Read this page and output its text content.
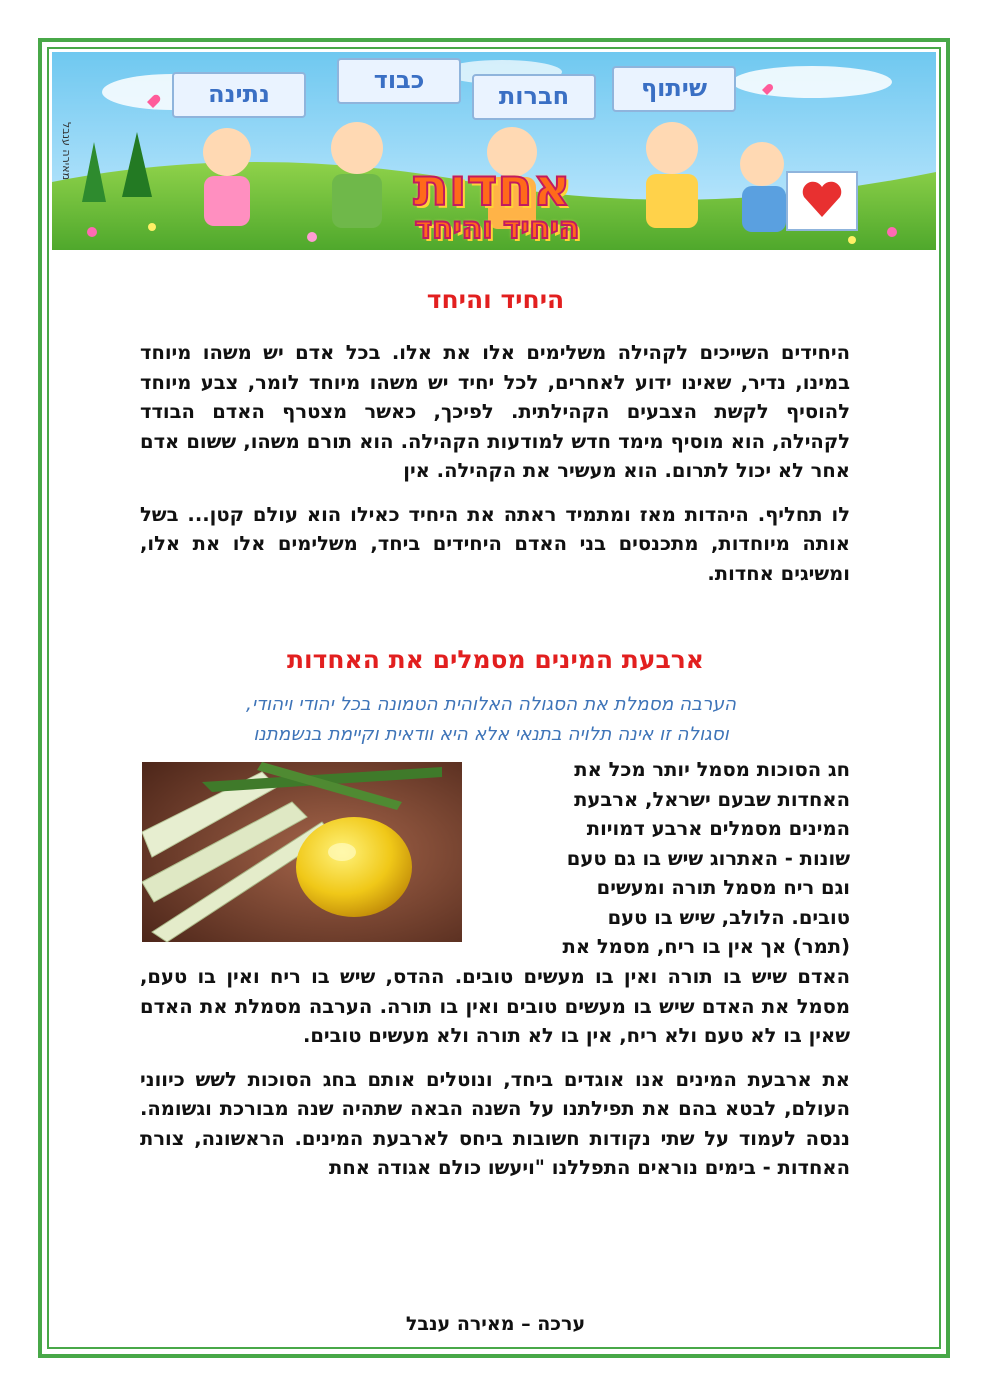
שיתוף
חברות
כבוד
נתינה
אחדות
היחיד והיחד
מאירה ענבל
היחיד והיחד

היחידים השייכים לקהילה משלימים אלו את אלו. בכל אדם יש משהו מיוחד במינו, נדיר, שאינו ידוע לאחרים, לכל יחיד יש משהו מיוחד לומר, צבע מיוחד להוסיף לקשת הצבעים הקהילתית. לפיכך, כאשר מצטרף האדם הבודד לקהילה, הוא מוסיף מימד חדש למודעות הקהילה. הוא תורם משהו, ששום אדם אחר לא יכול לתרום. הוא מעשיר את הקהילה. אין

לו תחליף. היהדות מאז ומתמיד ראתה את היחיד כאילו הוא עולם קטן... בשל אותה מיוחדות, מתכנסים בני האדם היחידים ביחד, משלימים אלו את אלו, ומשיגים אחדות.

ארבעת המינים מסמלים את האחדות
הערבה מסמלת את הסגולה האלוהית הטמונה בכל יהודי ויהודי,
וסגולה זו אינה תלויה בתנאי אלא היא וודאית וקיימת בנשמתנו
חג הסוכות מסמל יותר מכל את
האחדות שבעם ישראל, ארבעת
המינים מסמלים ארבע דמויות
שונות - האתרוג שיש בו גם טעם
וגם ריח מסמל תורה ומעשים
טובים. הלולב, שיש בו טעם
(תמר) אך אין בו ריח, מסמל את

האדם שיש בו תורה ואין בו מעשים טובים. ההדס, שיש בו ריח ואין בו טעם, מסמל את האדם שיש בו מעשים טובים ואין בו תורה. הערבה מסמלת את האדם שאין בו לא טעם ולא ריח, אין בו לא תורה ולא מעשים טובים.

את ארבעת המינים אנו אוגדים ביחד, ונוטלים אותם בחג הסוכות לשש כיווני העולם, לבטא בהם את תפילתנו על השנה הבאה שתהיה שנה מבורכת וגשומה. ננסה לעמוד על שתי נקודות חשובות ביחס לארבעת המינים. הראשונה, צורת האחדות - בימים נוראים התפללנו "ויעשו כולם אגודה אחת

ערכה – מאירה ענבל
